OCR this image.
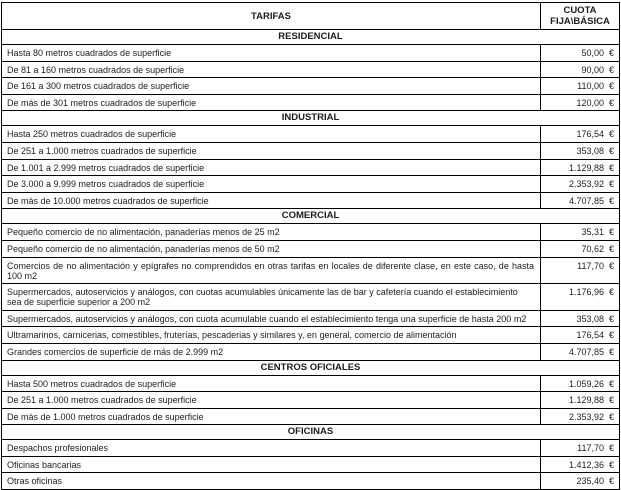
TARIFAS	CUOTA
FIJA\BÁSICA

RESIDENCIAL	
Hasta 80 metros cuadrados de superficie	50,00 €
De 81 a 160 metros cuadrados de superficie	90,00 €
De 161 a 300 metros cuadrados de superficie	110,00 €
De más de 301 metros cuadrados de superficie	120,00 €
INDUSTRIAL	
Hasta 250 metros cuadrados de superficie	176,54 €
De 251 a 1.000 metros cuadrados de superficie	353,08 €
De 1.001 a 2.999 metros cuadrados de superficie	1.129,88 €
De 3.000 a 9.999 metros cuadrados de superficie	2.353,92 €
De más de 10.000 metros cuadrados de superficie	4.707,85 €
COMERCIAL	
Pequeño comercio de no alimentación, panaderías menos de 25 m2	35,31 €
Pequeño comercio de no alimentación, panaderías menos de 50 m2	70,62 €
Comercios de no alimentación y epígrafes no comprendidos en otras tarifas en locales de diferente clase, en este caso, de hasta 100 m2	117,70 €
Supermercados, autoservicios y análogos, con cuotas acumulables únicamente las de bar y cafetería cuando el establecimiento sea de superficie superior a 200 m2	1.176,96 €
Supermercados, autoservicios y análogos, con cuota acumulable cuando el establecimiento tenga una superficie de hasta 200 m2	353,08 €
Ultramarinos, carnicerias, comestibles, fruterías, pescaderias y similares y, en general, comercio de alimentación	176,54 €
Grandes comercios de superficie de más de 2.999 m2	4.707,85 €
CENTROS OFICIALES	
Hasta 500 metros cuadrados de superficie	1.059,26 €
De 251 a 1.000 metros cuadrados de superficie	1.129,88 €
De más de 1.000 metros cuadrados de superficie	2.353,92 €
OFICINAS	
Despachos profesionales	117,70 €
Oficinas bancarias	1.412,36 €
Otras oficinas	235,40 €
